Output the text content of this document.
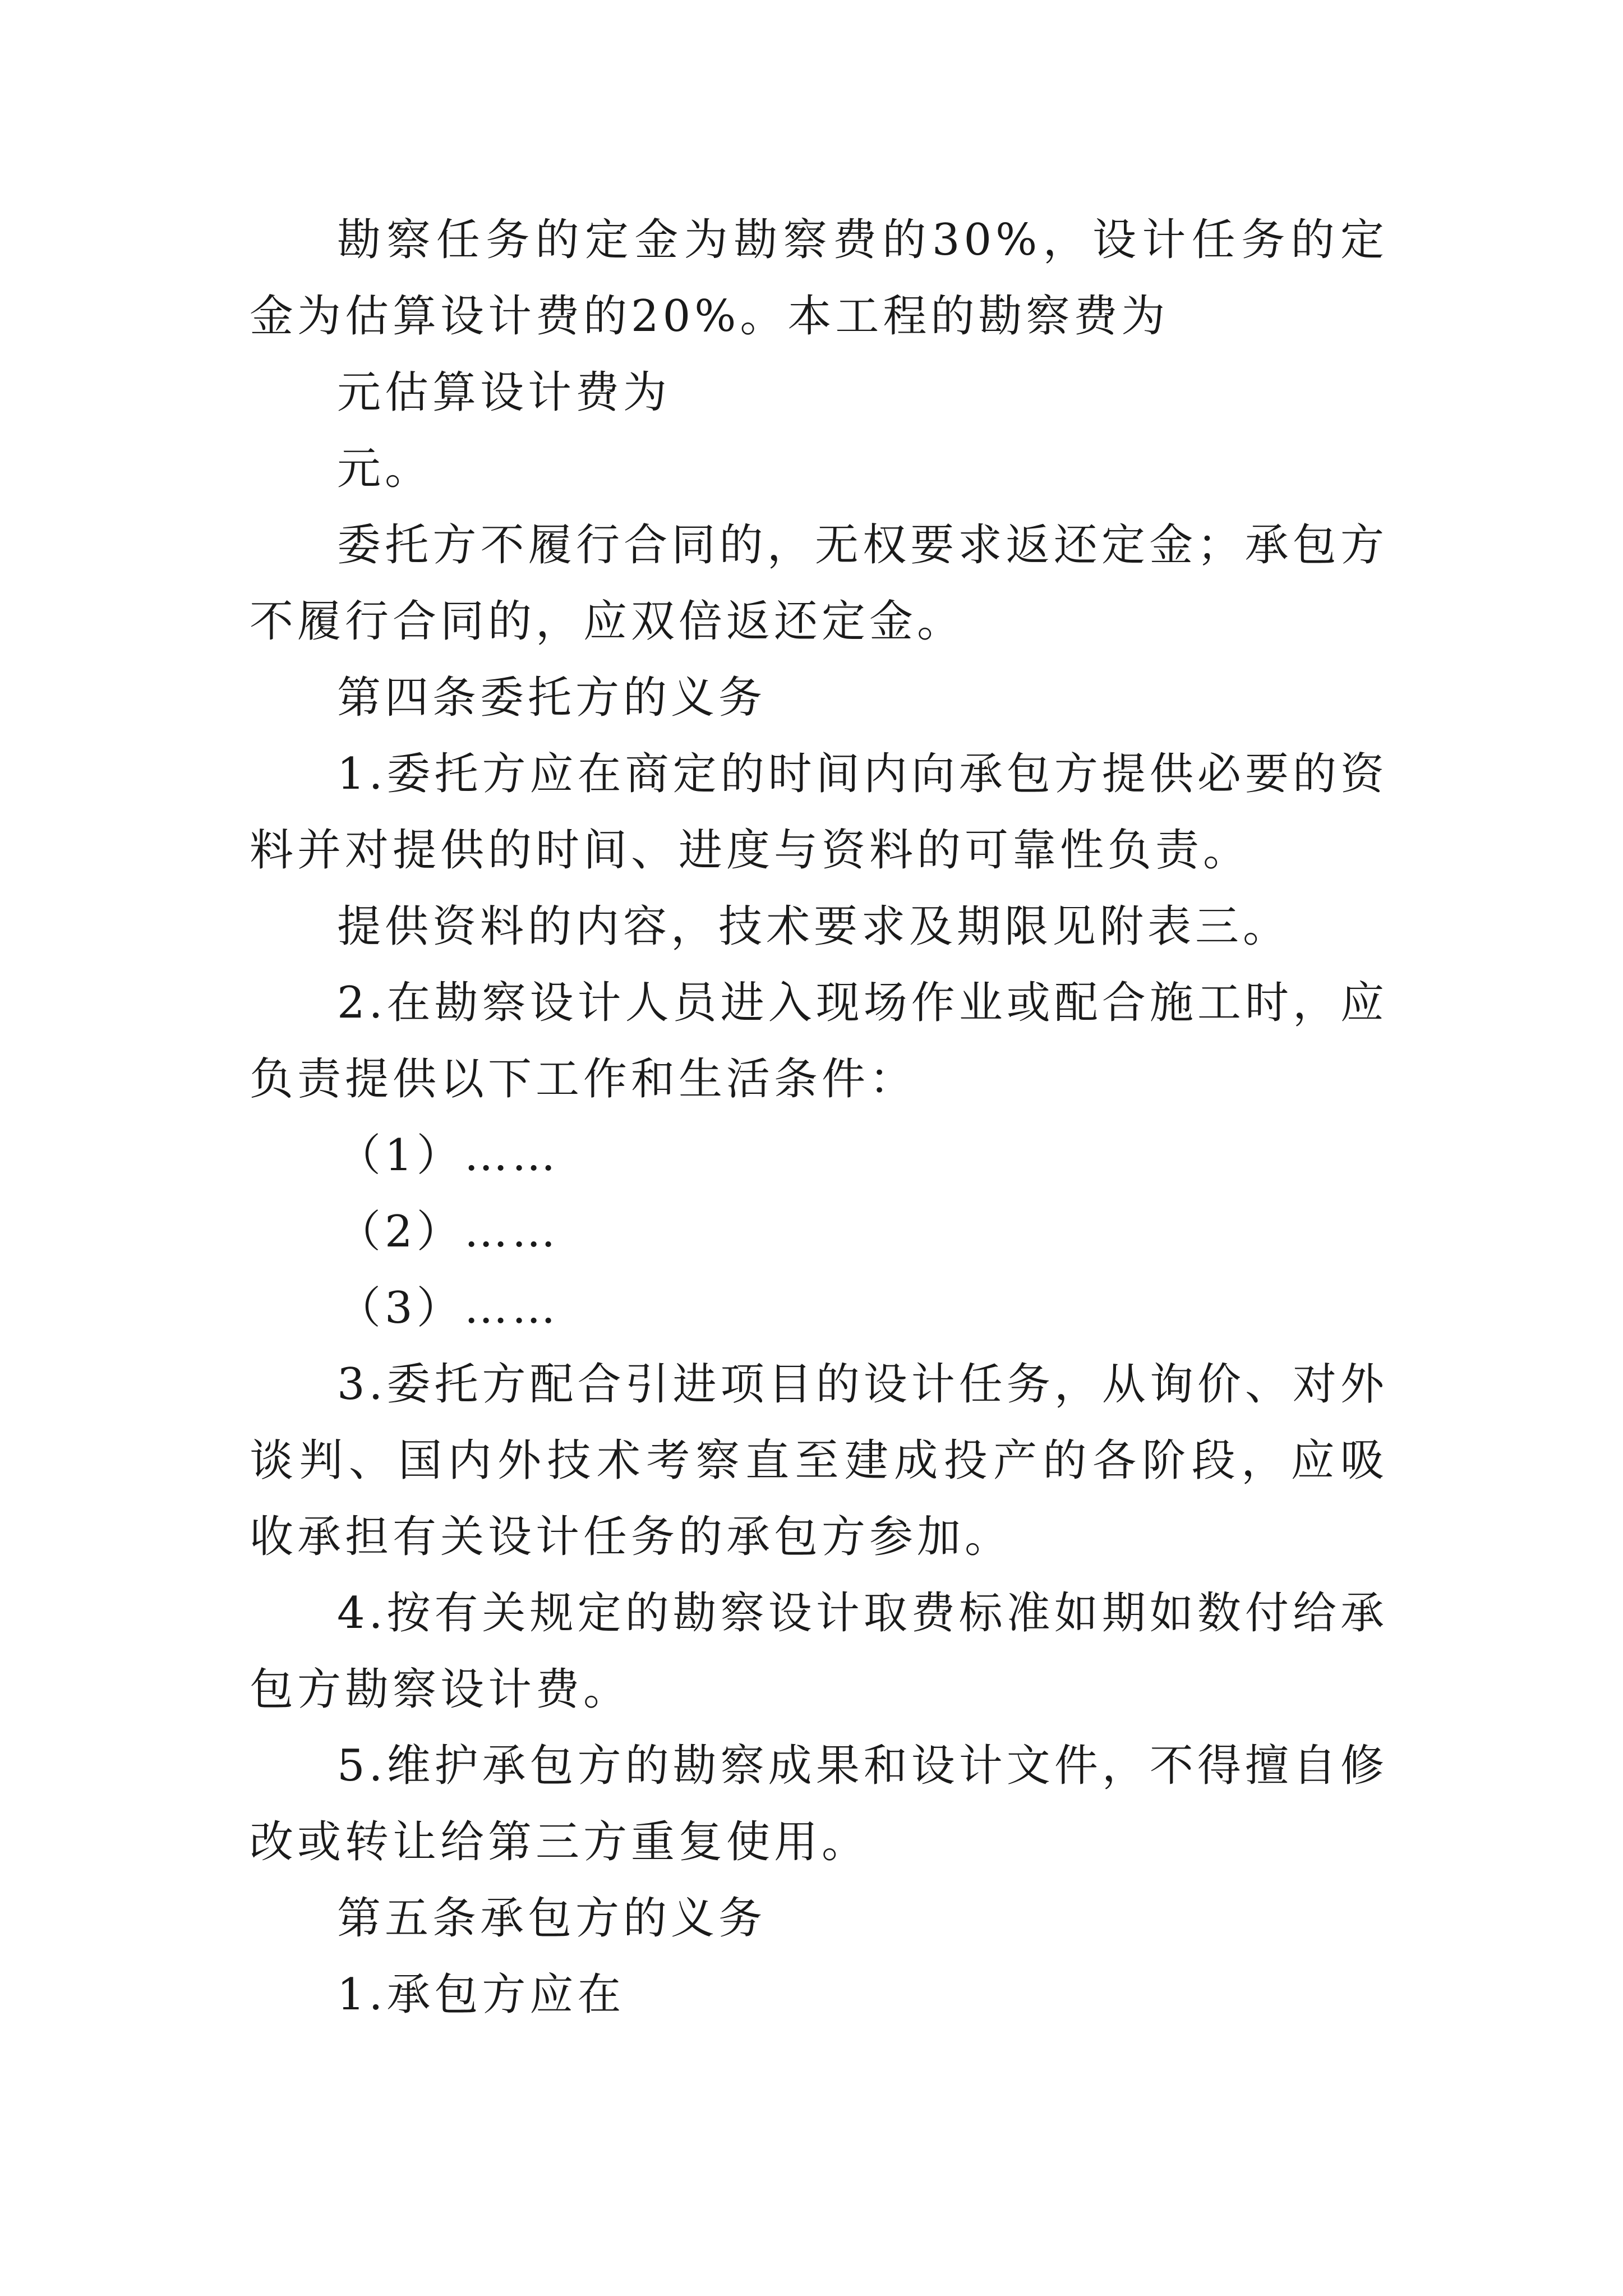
勘察任务的定金为勘察费的30%，设计任务的定金为估算设计费的20%。本工程的勘察费为

元估算设计费为

元。

委托方不履行合同的，无权要求返还定金；承包方不履行合同的，应双倍返还定金。

第四条委托方的义务

1.委托方应在商定的时间内向承包方提供必要的资料并对提供的时间、进度与资料的可靠性负责。

提供资料的内容，技术要求及期限见附表三。

2.在勘察设计人员进入现场作业或配合施工时，应负责提供以下工作和生活条件：

（1）……

（2）……

（3）……

3.委托方配合引进项目的设计任务，从询价、对外谈判、国内外技术考察直至建成投产的各阶段，应吸收承担有关设计任务的承包方参加。

4.按有关规定的勘察设计取费标准如期如数付给承包方勘察设计费。

5.维护承包方的勘察成果和设计文件，不得擅自修改或转让给第三方重复使用。

第五条承包方的义务

1.承包方应在
